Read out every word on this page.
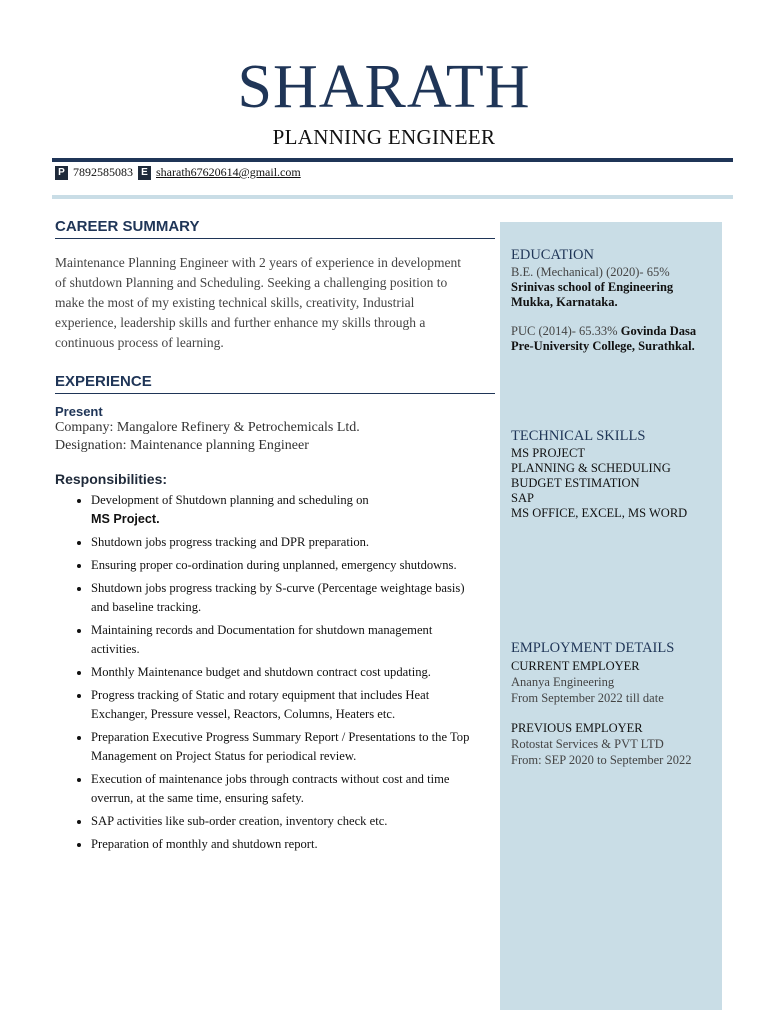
SHARATH
PLANNING ENGINEER
P 7892585083 E sharath67620614@gmail.com
CAREER SUMMARY

Maintenance Planning Engineer with 2 years of experience in development of shutdown Planning and Scheduling. Seeking a challenging position to make the most of my existing technical skills, creativity, Industrial experience, leadership skills and further enhance my skills through a continuous process of learning.

EXPERIENCE
Present
Company: Mangalore Refinery & Petrochemicals Ltd.
Designation: Maintenance planning Engineer
Responsibilities:
• Development of Shutdown planning and scheduling on
MS Project.
• Shutdown jobs progress tracking and DPR preparation.
• Ensuring proper co-ordination during unplanned, emergency shutdowns.
• Shutdown jobs progress tracking by S-curve (Percentage weightage basis) and baseline tracking.
• Maintaining records and Documentation for shutdown management activities.
• Monthly Maintenance budget and shutdown contract cost updating.
• Progress tracking of Static and rotary equipment that includes Heat Exchanger, Pressure vessel, Reactors, Columns, Heaters etc.
• Preparation Executive Progress Summary Report / Presentations to the Top Management on Project Status for periodical review.
• Execution of maintenance jobs through contracts without cost and time overrun, at the same time, ensuring safety.
• SAP activities like sub-order creation, inventory check etc.
• Preparation of monthly and shutdown report.
EDUCATION
B.E. (Mechanical) (2020)- 65%
Srinivas school of Engineering Mukka, Karnataka.
PUC (2014)- 65.33% Govinda Dasa Pre-University College, Surathkal.
TECHNICAL SKILLS
MS PROJECT
PLANNING & SCHEDULING
BUDGET ESTIMATION
SAP
MS OFFICE, EXCEL, MS WORD
EMPLOYMENT DETAILS
CURRENT EMPLOYER
Ananya Engineering
From September 2022 till date
PREVIOUS EMPLOYER
Rotostat Services & PVT LTD
From: SEP 2020 to September 2022
